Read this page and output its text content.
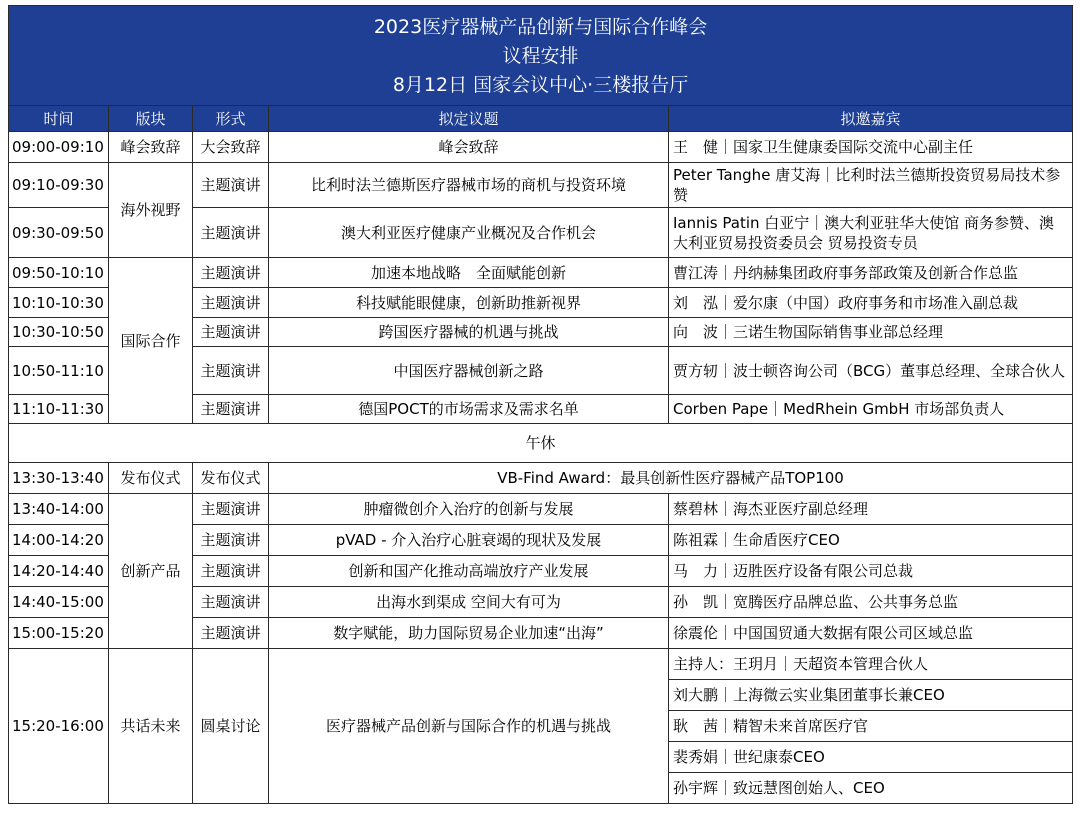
2023医疗器械产品创新与国际合作峰会
议程安排
8月12日 国家会议中心·三楼报告厅				

时间	版块	形式	拟定议题	拟邀嘉宾
09:00-09:10	峰会致辞	大会致辞	峰会致辞	王　健｜国家卫生健康委国际交流中心副主任
09:10-09:30	海外视野	主题演讲	比利时法兰德斯医疗器械市场的商机与投资环境	Peter Tanghe 唐艾海｜比利时法兰德斯投资贸易局技术参赞
09:30-09:50		主题演讲	澳大利亚医疗健康产业概况及合作机会	Iannis Patin 白亚宁｜澳大利亚驻华大使馆 商务参赞、澳大利亚贸易投资委员会 贸易投资专员
09:50-10:10	国际合作	主题演讲	加速本地战略　全面赋能创新	曹江涛｜丹纳赫集团政府事务部政策及创新合作总监
10:10-10:30		主题演讲	科技赋能眼健康，创新助推新视界	刘　泓｜爱尔康（中国）政府事务和市场准入副总裁
10:30-10:50		主题演讲	跨国医疗器械的机遇与挑战	向　波｜三诺生物国际销售事业部总经理
10:50-11:10		主题演讲	中国医疗器械创新之路	贾方轫｜波士顿咨询公司（BCG）董事总经理、全球合伙人
11:10-11:30		主题演讲	德国POCT的市场需求及需求名单	Corben Pape｜MedRhein GmbH 市场部负责人
午休				
13:30-13:40	发布仪式	发布仪式	VB-Find Award：最具创新性医疗器械产品TOP100	
13:40-14:00	创新产品	主题演讲	肿瘤微创介入治疗的创新与发展	蔡碧林｜海杰亚医疗副总经理
14:00-14:20		主题演讲	pVAD - 介入治疗心脏衰竭的现状及发展	陈祖霖｜生命盾医疗CEO
14:20-14:40		主题演讲	创新和国产化推动高端放疗产业发展	马　力｜迈胜医疗设备有限公司总裁
14:40-15:00		主题演讲	出海水到渠成 空间大有可为	孙　凯｜宽腾医疗品牌总监、公共事务总监
15:00-15:20		主题演讲	数字赋能，助力国际贸易企业加速“出海”	徐震伦｜中国国贸通大数据有限公司区域总监
15:20-16:00	共话未来	圆桌讨论	医疗器械产品创新与国际合作的机遇与挑战	主持人：王玥月｜天超资本管理合伙人
				刘大鹏｜上海微云实业集团董事长兼CEO
				耿　茜｜精智未来首席医疗官
				裴秀娟｜世纪康泰CEO
				孙宇辉｜致远慧图创始人、CEO
